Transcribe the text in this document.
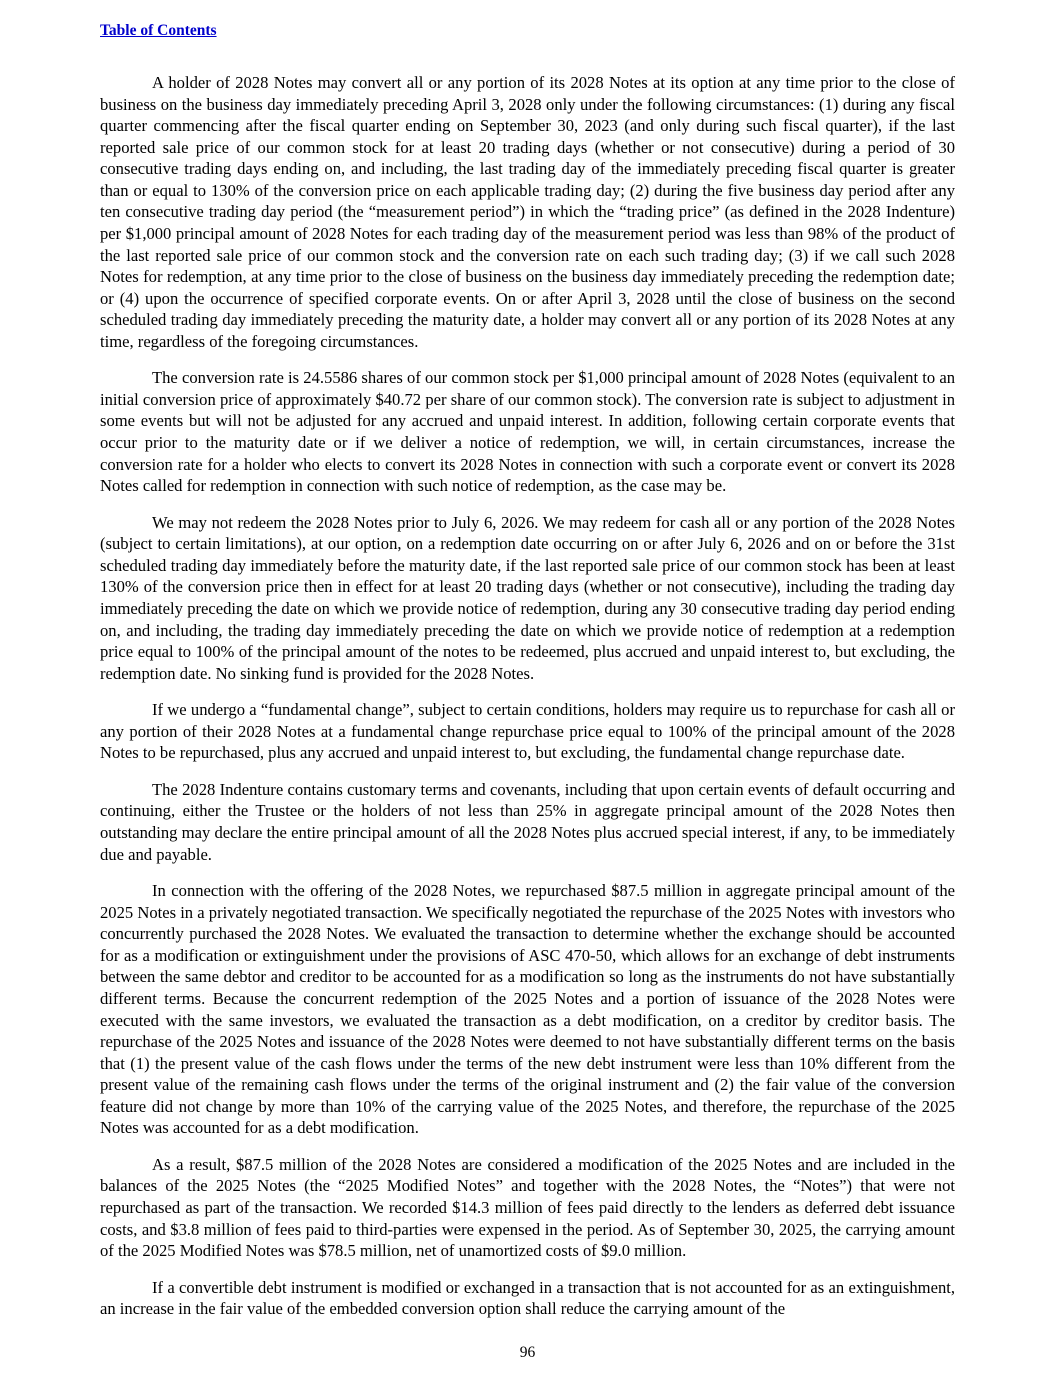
Table of Contents

A holder of 2028 Notes may convert all or any portion of its 2028 Notes at its option at any time prior to the close of business on the business day immediately preceding April 3, 2028 only under the following circumstances: (1) during any fiscal quarter commencing after the fiscal quarter ending on September 30, 2023 (and only during such fiscal quarter), if the last reported sale price of our common stock for at least 20 trading days (whether or not consecutive) during a period of 30 consecutive trading days ending on, and including, the last trading day of the immediately preceding fiscal quarter is greater than or equal to 130% of the conversion price on each applicable trading day; (2) during the five business day period after any ten consecutive trading day period (the “measurement period”) in which the “trading price” (as defined in the 2028 Indenture) per $1,000 principal amount of 2028 Notes for each trading day of the measurement period was less than 98% of the product of the last reported sale price of our common stock and the conversion rate on each such trading day; (3) if we call such 2028 Notes for redemption, at any time prior to the close of business on the business day immediately preceding the redemption date; or (4) upon the occurrence of specified corporate events. On or after April 3, 2028 until the close of business on the second scheduled trading day immediately preceding the maturity date, a holder may convert all or any portion of its 2028 Notes at any time, regardless of the foregoing circumstances.

The conversion rate is 24.5586 shares of our common stock per $1,000 principal amount of 2028 Notes (equivalent to an initial conversion price of approximately $40.72 per share of our common stock). The conversion rate is subject to adjustment in some events but will not be adjusted for any accrued and unpaid interest. In addition, following certain corporate events that occur prior to the maturity date or if we deliver a notice of redemption, we will, in certain circumstances, increase the conversion rate for a holder who elects to convert its 2028 Notes in connection with such a corporate event or convert its 2028 Notes called for redemption in connection with such notice of redemption, as the case may be.

We may not redeem the 2028 Notes prior to July 6, 2026. We may redeem for cash all or any portion of the 2028 Notes (subject to certain limitations), at our option, on a redemption date occurring on or after July 6, 2026 and on or before the 31st scheduled trading day immediately before the maturity date, if the last reported sale price of our common stock has been at least 130% of the conversion price then in effect for at least 20 trading days (whether or not consecutive), including the trading day immediately preceding the date on which we provide notice of redemption, during any 30 consecutive trading day period ending on, and including, the trading day immediately preceding the date on which we provide notice of redemption at a redemption price equal to 100% of the principal amount of the notes to be redeemed, plus accrued and unpaid interest to, but excluding, the redemption date. No sinking fund is provided for the 2028 Notes.

If we undergo a “fundamental change”, subject to certain conditions, holders may require us to repurchase for cash all or any portion of their 2028 Notes at a fundamental change repurchase price equal to 100% of the principal amount of the 2028 Notes to be repurchased, plus any accrued and unpaid interest to, but excluding, the fundamental change repurchase date.

The 2028 Indenture contains customary terms and covenants, including that upon certain events of default occurring and continuing, either the Trustee or the holders of not less than 25% in aggregate principal amount of the 2028 Notes then outstanding may declare the entire principal amount of all the 2028 Notes plus accrued special interest, if any, to be immediately due and payable.

In connection with the offering of the 2028 Notes, we repurchased $87.5 million in aggregate principal amount of the 2025 Notes in a privately negotiated transaction. We specifically negotiated the repurchase of the 2025 Notes with investors who concurrently purchased the 2028 Notes. We evaluated the transaction to determine whether the exchange should be accounted for as a modification or extinguishment under the provisions of ASC 470-50, which allows for an exchange of debt instruments between the same debtor and creditor to be accounted for as a modification so long as the instruments do not have substantially different terms. Because the concurrent redemption of the 2025 Notes and a portion of issuance of the 2028 Notes were executed with the same investors, we evaluated the transaction as a debt modification, on a creditor by creditor basis. The repurchase of the 2025 Notes and issuance of the 2028 Notes were deemed to not have substantially different terms on the basis that (1) the present value of the cash flows under the terms of the new debt instrument were less than 10% different from the present value of the remaining cash flows under the terms of the original instrument and (2) the fair value of the conversion feature did not change by more than 10% of the carrying value of the 2025 Notes, and therefore, the repurchase of the 2025 Notes was accounted for as a debt modification.

As a result, $87.5 million of the 2028 Notes are considered a modification of the 2025 Notes and are included in the balances of the 2025 Notes (the “2025 Modified Notes” and together with the 2028 Notes, the “Notes”) that were not repurchased as part of the transaction. We recorded $14.3 million of fees paid directly to the lenders as deferred debt issuance costs, and $3.8 million of fees paid to third-parties were expensed in the period. As of September 30, 2025, the carrying amount of the 2025 Modified Notes was $78.5 million, net of unamortized costs of $9.0 million.

If a convertible debt instrument is modified or exchanged in a transaction that is not accounted for as an extinguishment, an increase in the fair value of the embedded conversion option shall reduce the carrying amount of the

96
